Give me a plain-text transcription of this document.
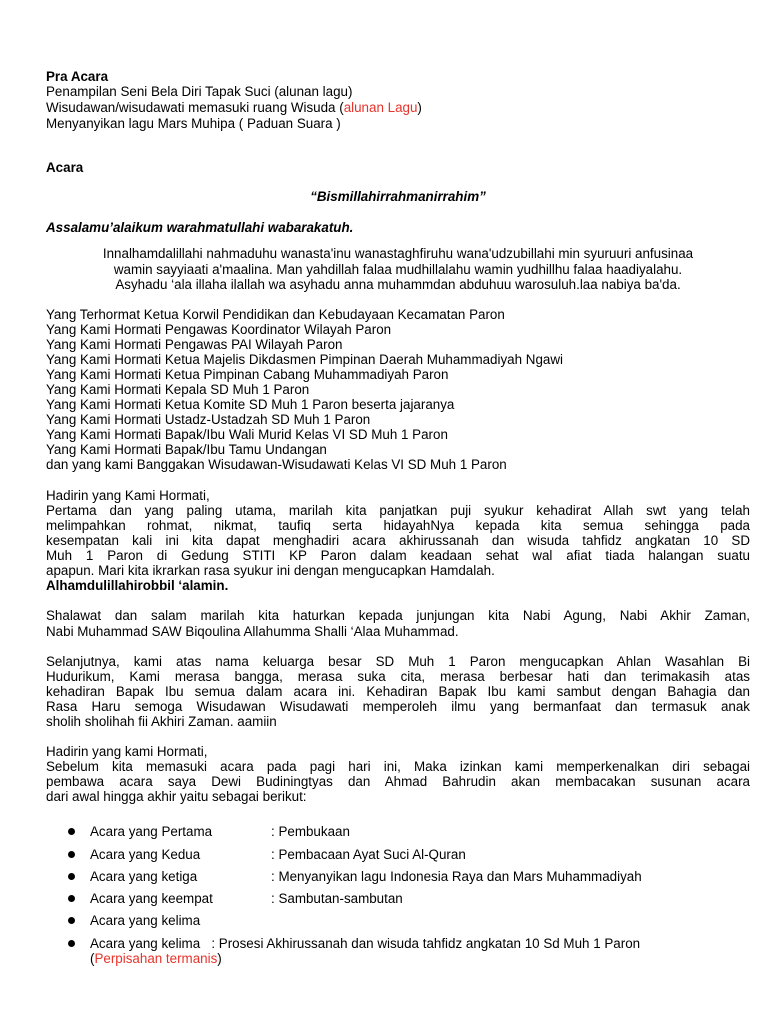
Pra Acara
Penampilan Seni Bela Diri Tapak Suci (alunan lagu)
Wisudawan/wisudawati memasuki ruang Wisuda (alunan Lagu)
Menyanyikan lagu Mars Muhipa ( Paduan Suara )
Acara
“Bismillahirrahmanirrahim”
Assalamu’alaikum warahmatullahi wabarakatuh.
Innalhamdalillahi nahmaduhu wanasta'inu wanastaghfiruhu wana'udzubillahi min syuruuri anfusinaa
wamin sayyiaati a'maalina. Man yahdillah falaa mudhillalahu wamin yudhillhu falaa haadiyalahu.
Asyhadu ‘ala illaha ilallah wa asyhadu anna muhammdan abduhuu warosuluh.laa nabiya ba'da.
Yang Terhormat Ketua Korwil Pendidikan dan Kebudayaan Kecamatan Paron
Yang Kami Hormati Pengawas Koordinator Wilayah Paron
Yang Kami Hormati Pengawas PAI Wilayah Paron
Yang Kami Hormati Ketua Majelis Dikdasmen Pimpinan Daerah Muhammadiyah Ngawi
Yang Kami Hormati Ketua Pimpinan Cabang Muhammadiyah Paron
Yang Kami Hormati Kepala SD Muh 1 Paron
Yang Kami Hormati Ketua Komite SD Muh 1 Paron beserta jajaranya
Yang Kami Hormati Ustadz-Ustadzah SD Muh 1 Paron
Yang Kami Hormati Bapak/Ibu Wali Murid Kelas VI SD Muh 1 Paron
Yang Kami Hormati Bapak/Ibu Tamu Undangan
dan yang kami Banggakan Wisudawan-Wisudawati Kelas VI SD Muh 1 Paron
Hadirin yang Kami Hormati,
Pertama dan yang paling utama, marilah kita panjatkan puji syukur kehadirat Allah swt yang telah
melimpahkan rohmat, nikmat, taufiq serta hidayahNya kepada kita semua sehingga pada
kesempatan kali ini kita dapat menghadiri acara akhirussanah dan wisuda tahfidz angkatan 10 SD
Muh 1 Paron di Gedung STITI KP Paron dalam keadaan sehat wal afiat tiada halangan suatu
apapun. Mari kita ikrarkan rasa syukur ini dengan mengucapkan Hamdalah.
Alhamdulillahirobbil ‘alamin.
Shalawat dan salam marilah kita haturkan kepada junjungan kita Nabi Agung, Nabi Akhir Zaman,
Nabi Muhammad SAW Biqoulina Allahumma Shalli ‘Alaa Muhammad.
Selanjutnya, kami atas nama keluarga besar SD Muh 1 Paron mengucapkan Ahlan Wasahlan Bi
Hudurikum, Kami merasa bangga, merasa suka cita, merasa berbesar hati dan terimakasih atas
kehadiran Bapak Ibu semua dalam acara ini. Kehadiran Bapak Ibu kami sambut dengan Bahagia dan
Rasa Haru semoga Wisudawan Wisudawati memperoleh ilmu yang bermanfaat dan termasuk anak
sholih sholihah fii Akhiri Zaman. aamiin
Hadirin yang kami Hormati,
Sebelum kita memasuki acara pada pagi hari ini, Maka izinkan kami memperkenalkan diri sebagai
pembawa acara saya Dewi Budiningtyas dan Ahmad Bahrudin akan membacakan susunan acara
dari awal hingga akhir yaitu sebagai berikut:
Acara yang Pertama	: Pembukaan
Acara yang Kedua	: Pembacaan Ayat Suci Al-Quran
Acara yang ketiga	: Menyanyikan lagu Indonesia Raya dan Mars Muhammadiyah
Acara yang keempat	: Sambutan-sambutan
Acara yang kelima
Acara yang kelima : Prosesi Akhirussanah dan wisuda tahfidz angkatan 10 Sd Muh 1 Paron
(Perpisahan termanis)
